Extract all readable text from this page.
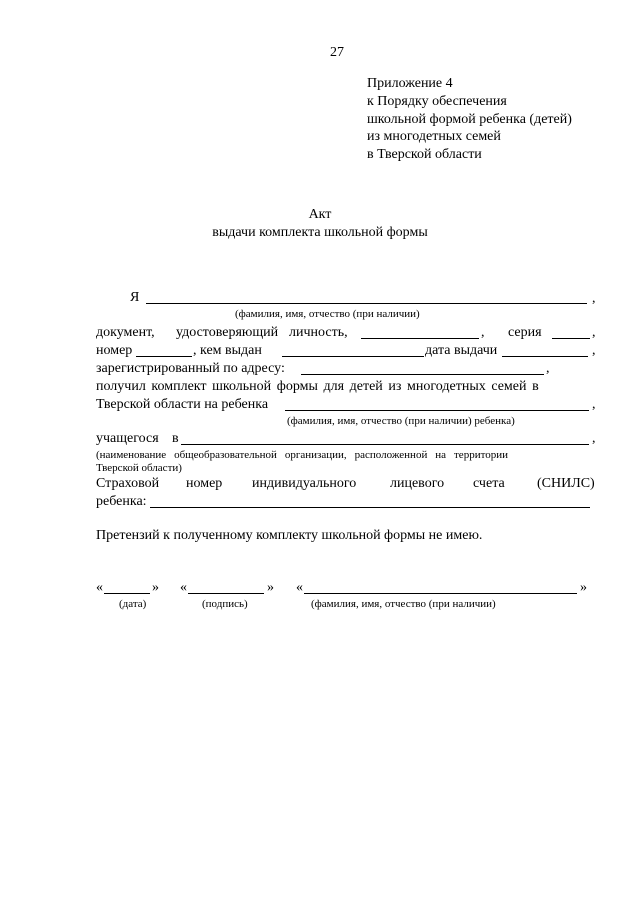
27
Приложение 4
к Порядку обеспечения
школьной формой ребенка (детей)
из многодетных семей
в Тверской области
Акт
выдачи комплекта школьной формы
Я	,
(фамилия, имя, отчество (при наличии)
документ, удостоверяющий личность,	, серия	,
номер	, кем выдан	дата выдачи	,
зарегистрированный по адресу:	,
получил комплект школьной формы для детей из многодетных семей в
Тверской области на ребенка	,
(фамилия, имя, отчество (при наличии) ребенка)
учащегося в	,
(наименование общеобразовательной организации, расположенной на территории
Тверской области)
Страховой номер индивидуального лицевого счета (СНИЛС)
ребенка:
Претензий к полученному комплекту школьной формы не имею.
«	» «	» «	»
(дата)	(подпись)	(фамилия, имя, отчество (при наличии)
